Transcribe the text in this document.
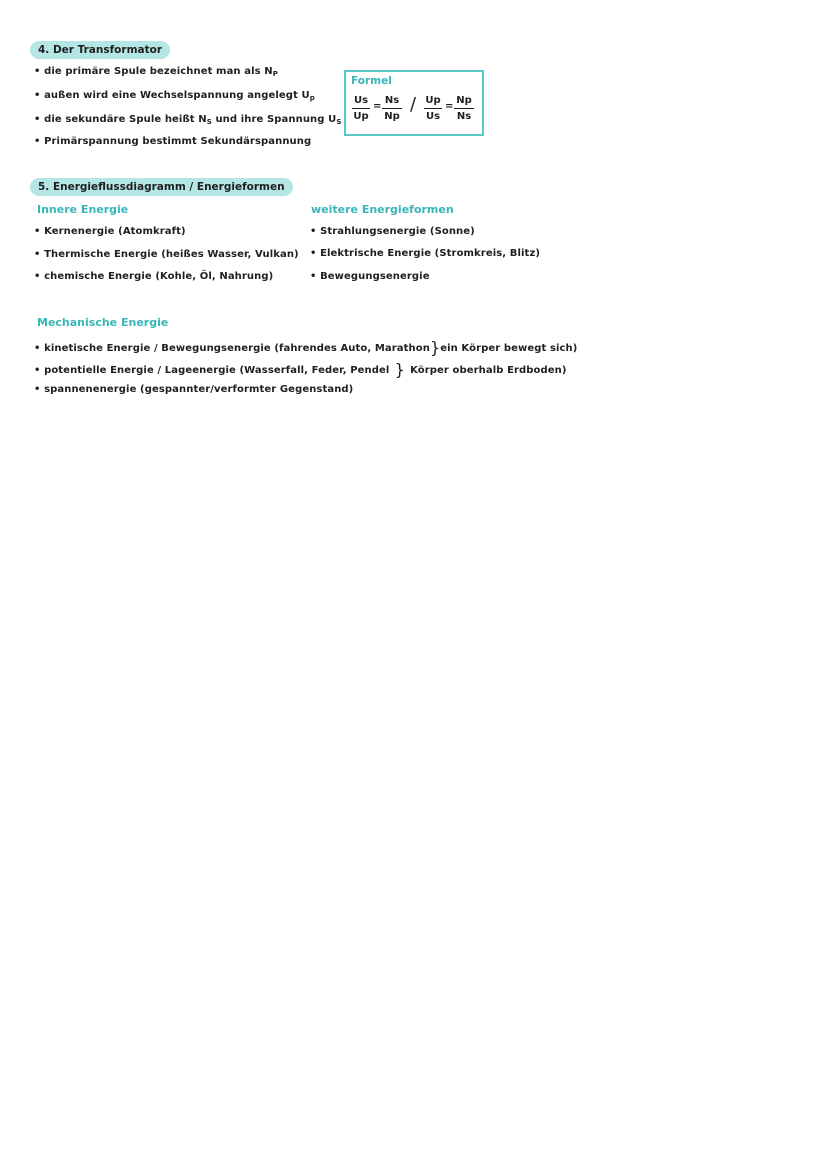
4. Der Transformator
• die primäre Spule bezeichnet man als $N_P$
• außen wird eine Wechselspannung angelegt $U_p$
• die sekundäre Spule heißt $N_S$ und ihre Spannung $U_S$
• Primärspannung bestimmt Sekundärspannung
Formel
Us
Up
=
Ns
Np
/ Up
Us
=
Np
Ns
5. Energieflussdiagramm / Energieformen
Innere Energie
• Kernenergie (Atomkraft)
• Thermische Energie (heißes Wasser, Vulkan)
• chemische Energie (Kohle, Öl, Nahrung)
weitere Energieformen
• Strahlungsenergie (Sonne)
• Elektrische Energie (Stromkreis, Blitz)
• Bewegungsenergie
Mechanische Energie
• kinetische Energie / Bewegungsenergie (fahrendes Auto, Marathon}ein Körper bewegt sich)
• potentielle Energie / Lageenergie (Wasserfall, Feder, Pendel } Körper oberhalb Erdboden)
• spannenenergie (gespannter/verformter Gegenstand)
